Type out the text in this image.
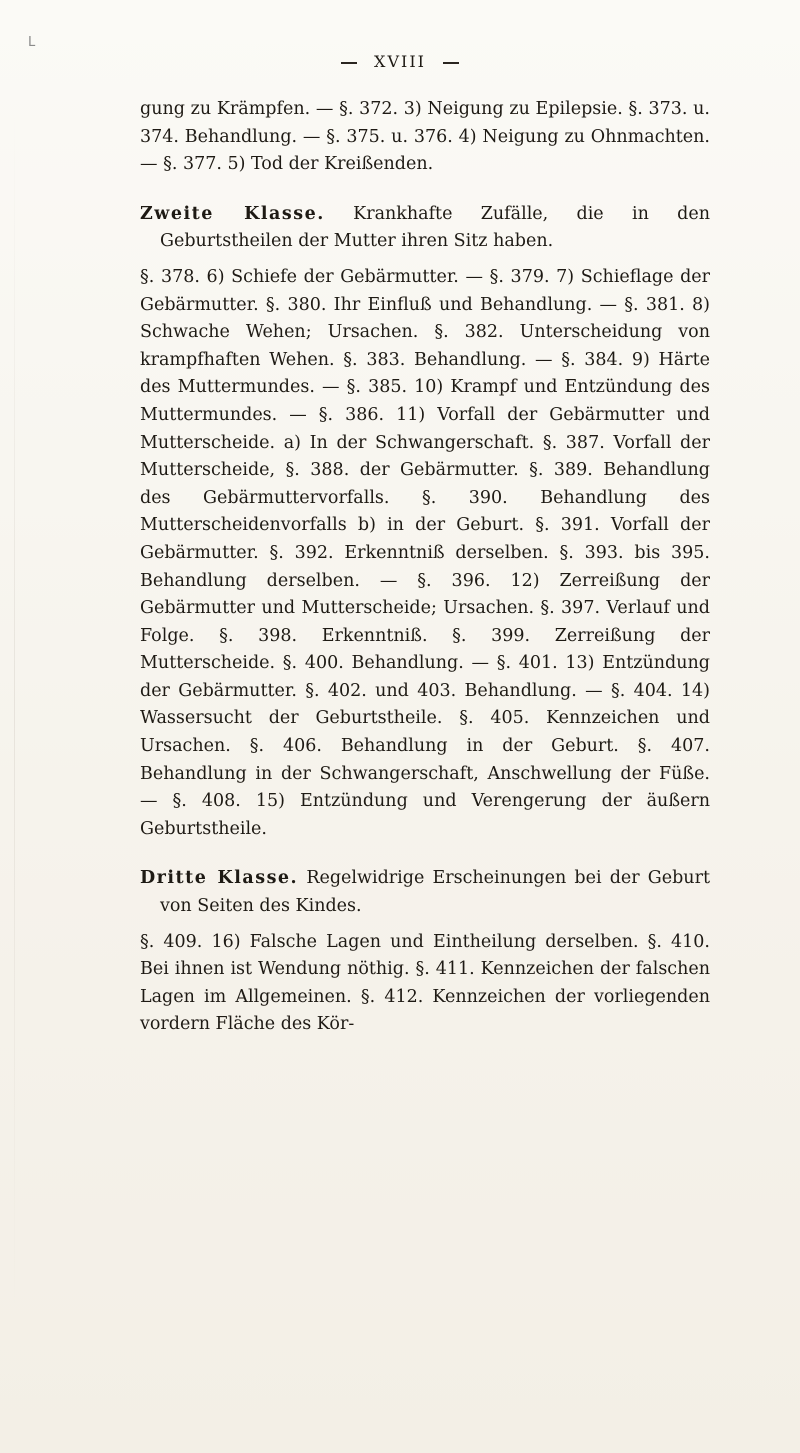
L
XVIII

gung zu Krämpfen. — §. 372. 3) Neigung zu Epilepsie. §. 373. u. 374. Behandlung. — §. 375. u. 376. 4) Neigung zu Ohnmachten. — §. 377. 5) Tod der Kreißenden.

Zweite Klasse. Krankhafte Zufälle, die in den Geburtstheilen der Mutter ihren Sitz haben.

§. 378. 6) Schiefe der Gebärmutter. — §. 379. 7) Schieflage der Gebärmutter. §. 380. Ihr Einfluß und Behandlung. — §. 381. 8) Schwache Wehen; Ursachen. §. 382. Unterscheidung von krampfhaften Wehen. §. 383. Behandlung. — §. 384. 9) Härte des Muttermundes. — §. 385. 10) Krampf und Entzündung des Muttermundes. — §. 386. 11) Vorfall der Gebärmutter und Mutterscheide. a) In der Schwangerschaft. §. 387. Vorfall der Mutterscheide, §. 388. der Gebärmutter. §. 389. Behandlung des Gebärmuttervorfalls. §. 390. Behandlung des Mutterscheidenvorfalls b) in der Geburt. §. 391. Vorfall der Gebärmutter. §. 392. Erkenntniß derselben. §. 393. bis 395. Behandlung derselben. — §. 396. 12) Zerreißung der Gebärmutter und Mutterscheide; Ursachen. §. 397. Verlauf und Folge. §. 398. Erkenntniß. §. 399. Zerreißung der Mutterscheide. §. 400. Behandlung. — §. 401. 13) Entzündung der Gebärmutter. §. 402. und 403. Behandlung. — §. 404. 14) Wassersucht der Geburtstheile. §. 405. Kennzeichen und Ursachen. §. 406. Behandlung in der Geburt. §. 407. Behandlung in der Schwangerschaft, Anschwellung der Füße. — §. 408. 15) Entzündung und Verengerung der äußern Geburtstheile.

Dritte Klasse. Regelwidrige Erscheinungen bei der Geburt von Seiten des Kindes.

§. 409. 16) Falsche Lagen und Eintheilung derselben. §. 410. Bei ihnen ist Wendung nöthig. §. 411. Kennzeichen der falschen Lagen im Allgemeinen. §. 412. Kennzeichen der vorliegenden vordern Fläche des Kör-
